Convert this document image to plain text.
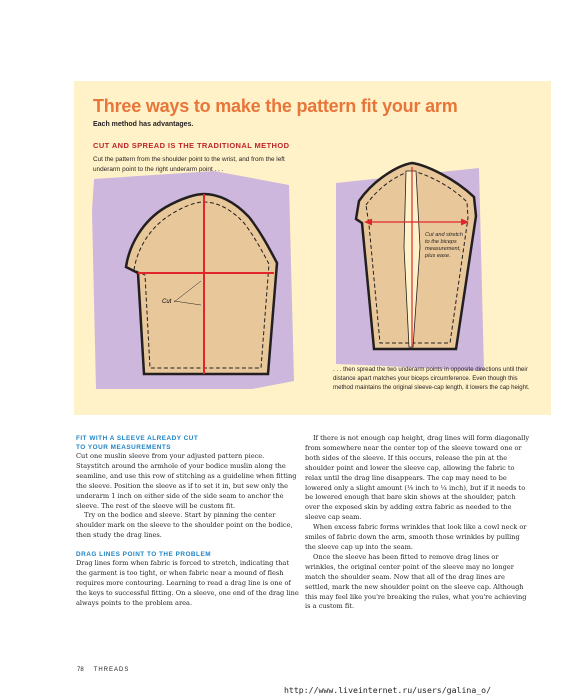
Three ways to make the pattern fit your arm
Each method has advantages.
CUT AND SPREAD IS THE TRADITIONAL METHOD
Cut the pattern from the shoulder point to the wrist, and from the left underarm point to the right underarm point . . .
Cut
Cut and stretch to the biceps measurement, plus ease.
. . . then spread the two underarm points in opposite directions until their distance apart matches your biceps circumference. Even though this method maintains the original sleeve-cap length, it lowers the cap height.
FIT WITH A SLEEVE ALREADY CUT
TO YOUR MEASUREMENTS

Cut one muslin sleeve from your adjusted pattern piece. Staystitch around the armhole of your bodice muslin along the seamline, and use this row of stitching as a guideline when fitting the sleeve. Position the sleeve as if to set it in, but sew only the underarm 1 inch on either side of the side seam to anchor the sleeve. The rest of the sleeve will be custom fit.

Try on the bodice and sleeve. Start by pinning the center shoulder mark on the sleeve to the shoulder point on the bodice, then study the drag lines.

DRAG LINES POINT TO THE PROBLEM

Drag lines form when fabric is forced to stretch, indicating that the garment is too tight, or when fabric near a mound of flesh requires more contouring. Learning to read a drag line is one of the keys to successful fitting. On a sleeve, one end of the drag line always points to the problem area.

If there is not enough cap height, drag lines will form diagonally from somewhere near the center top of the sleeve toward one or both sides of the sleeve. If this occurs, release the pin at the shoulder point and lower the sleeve cap, allowing the fabric to relax until the drag line disappears. The cap may need to be lowered only a slight amount (⅛ inch to ¼ inch), but if it needs to be lowered enough that bare skin shows at the shoulder, patch over the exposed skin by adding extra fabric as needed to the sleeve cap seam.

When excess fabric forms wrinkles that look like a cowl neck or smiles of fabric down the arm, smooth those wrinkles by pulling the sleeve cap up into the seam.

Once the sleeve has been fitted to remove drag lines or wrinkles, the original center point of the sleeve may no longer match the shoulder seam. Now that all of the drag lines are settled, mark the new shoulder point on the sleeve cap. Although this may feel like you're breaking the rules, what you're achieving is a custom fit.

78 THREADS
http://www.liveinternet.ru/users/galina_o/
